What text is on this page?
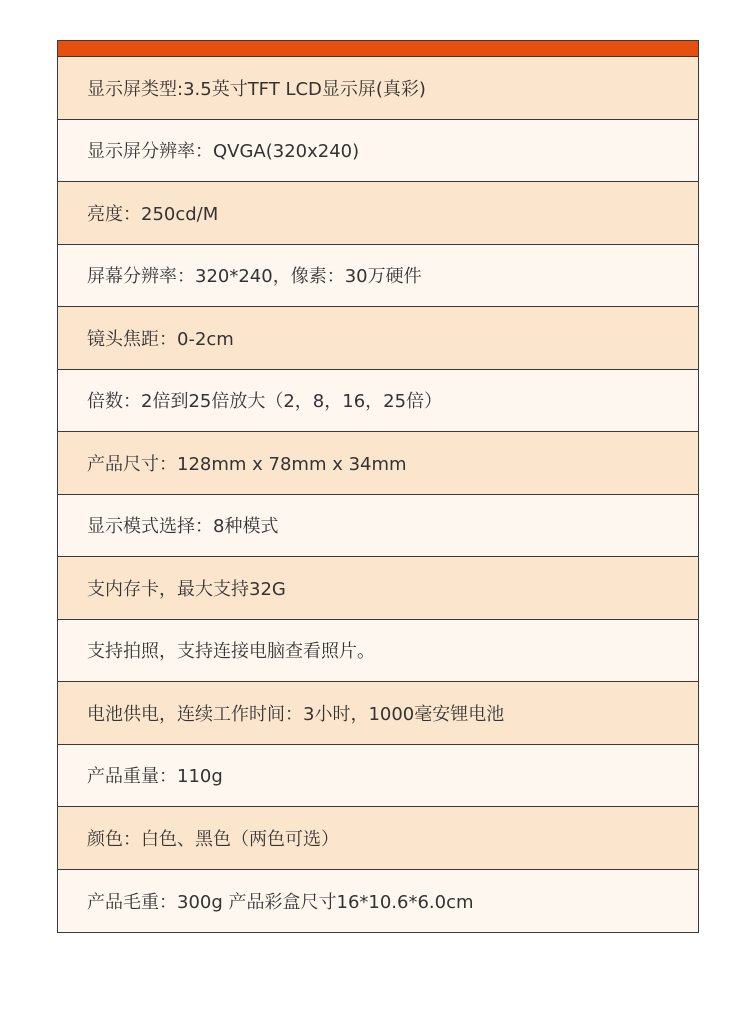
显示屏类型:3.5英寸TFT LCD显示屏(真彩)
显示屏分辨率：QVGA(320x240)
亮度：250cd/M
屏幕分辨率：320*240，像素：30万硬件
镜头焦距：0-2cm
倍数：2倍到25倍放大（2，8，16，25倍）
产品尺寸：128mm x 78mm x 34mm
显示模式选择：8种模式
支内存卡，最大支持32G
支持拍照，支持连接电脑查看照片。
电池供电，连续工作时间：3小时，1000毫安锂电池
产品重量：110g
颜色：白色、黑色（两色可选）
产品毛重：300g 产品彩盒尺寸16*10.6*6.0cm
